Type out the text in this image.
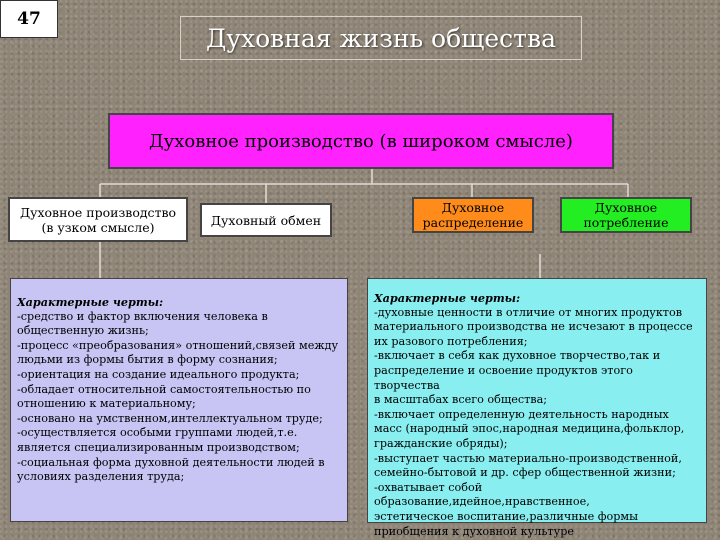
47
Духовная жизнь общества
Духовное производство (в широком смысле)
Духовное производство
(в узком смысле)	Духовный обмен
Духовное
распределение
Духовное
потребление
Характерные черты:
-средство и фактор включения человека в
общественную жизнь;
-процесс «преобразования» отношений,связей между
людьми из формы бытия в форму сознания;
-ориентация на создание идеального продукта;
-обладает относительной самостоятельностью по
отношению к материальному;
-основано на умственном,интеллектуальном труде;
-осуществляется особыми группами людей,т.е.
является специализированным производством;
-социальная форма духовной деятельности людей в
условиях разделения труда;
Характерные черты:
-духовные ценности в отличие от многих продуктов
материального производства не исчезают в процессе
их разового потребления;
-включает в себя как духовное творчество,так и
распределение и освоение продуктов этого творчества
в масштабах всего общества;
-включает определенную деятельность народных
масс (народный эпос,народная медицина,фольклор,
гражданские обряды);
-выступает частью материально-производственной,
семейно-бытовой и др. сфер общественной жизни;
-охватывает собой образование,идейное,нравственное,
эстетическое воспитание,различные формы
приобщения к духовной культуре
